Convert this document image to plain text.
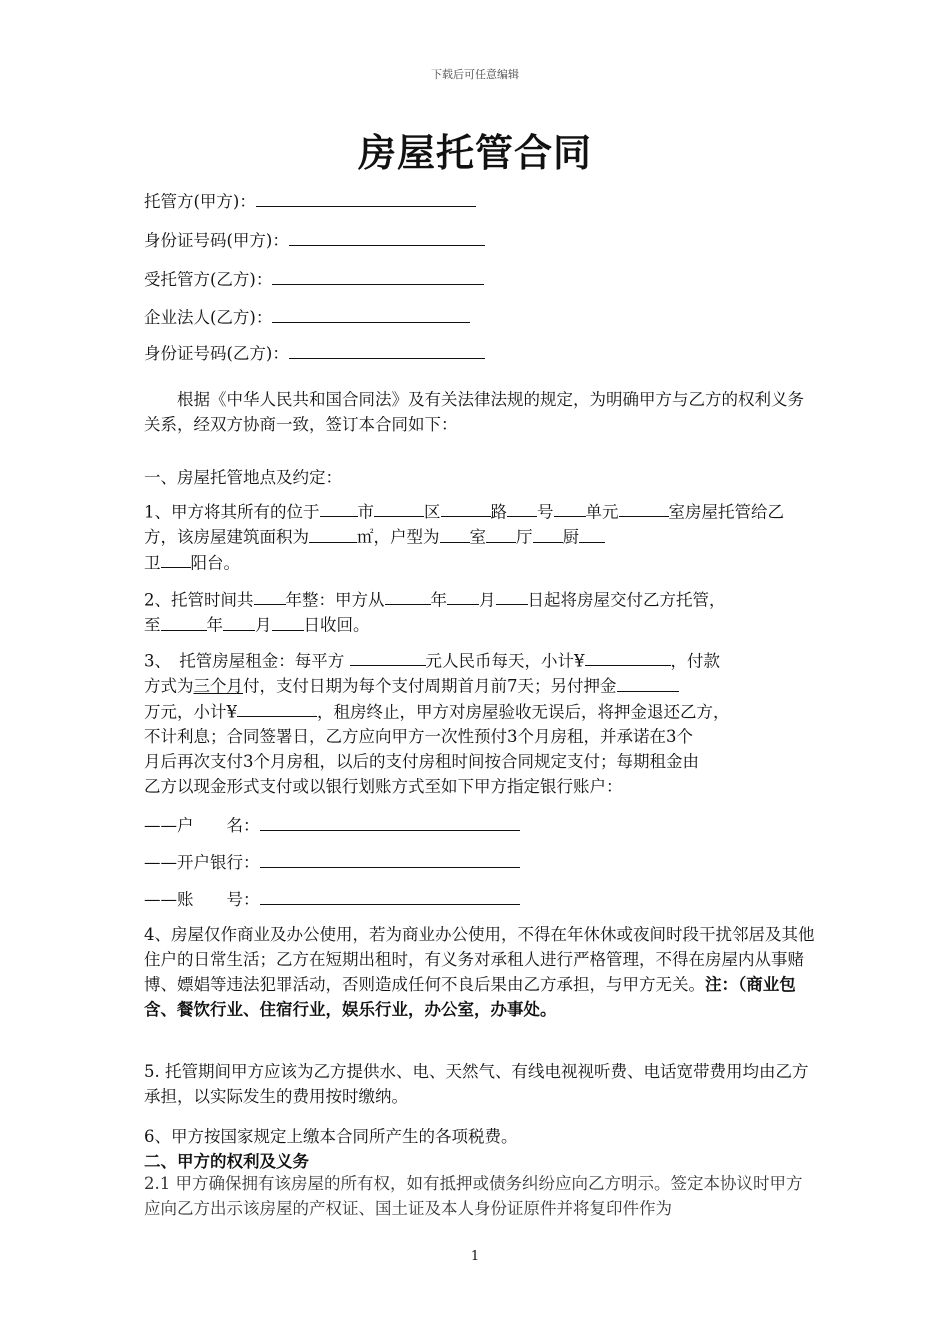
下载后可任意编辑
房屋托管合同
托管方(甲方)：
身份证号码(甲方)：
受托管方(乙方)：
企业法人(乙方)：
身份证号码(乙方)：
根据《中华人民共和国合同法》及有关法律法规的规定，为明确甲方与乙方的权利义务关系，经双方协商一致，签订本合同如下：
一、房屋托管地点及约定：
1、甲方将其所有的位于 市	区	路 号 单元	室房屋托管给乙方，该房屋建筑面积为	㎡，户型为 室 厅 厨
卫 阳台。
2、托管时间共 年整：甲方从	年 月 日起将房屋交付乙方托管，
至	年 月 日收回。
3、　托管房屋租金：每平方	元人民币每天，小计¥	，付款
方式为三个月付，支付日期为每个支付周期首月前7天；另付押金
万元，小计¥	，租房终止，甲方对房屋验收无误后，将押金退还乙方，
不计利息；合同签署日，乙方应向甲方一次性预付3个月房租，并承诺在3个
月后再次支付3个月房租，以后的支付房租时间按合同规定支付；每期租金由
乙方以现金形式支付或以银行划账方式至如下甲方指定银行账户：
——户　　名：
——开户银行：
——账　　号：
4、房屋仅作商业及办公使用，若为商业办公使用，不得在年休休或夜间时段干扰邻居及其他住户的日常生活；乙方在短期出租时，有义务对承租人进行严格管理，不得在房屋内从事赌博、嫖娼等违法犯罪活动，否则造成任何不良后果由乙方承担，与甲方无关。注：（商业包含、餐饮行业、住宿行业，娱乐行业，办公室，办事处。
5. 托管期间甲方应该为乙方提供水、电、天然气、有线电视视听费、电话宽带费用均由乙方承担，以实际发生的费用按时缴纳。
6、甲方按国家规定上缴本合同所产生的各项税费。
二、甲方的权利及义务
2.1 甲方确保拥有该房屋的所有权，如有抵押或债务纠纷应向乙方明示。签定本协议时甲方应向乙方出示该房屋的产权证、国土证及本人身份证原件并将复印件作为
1
